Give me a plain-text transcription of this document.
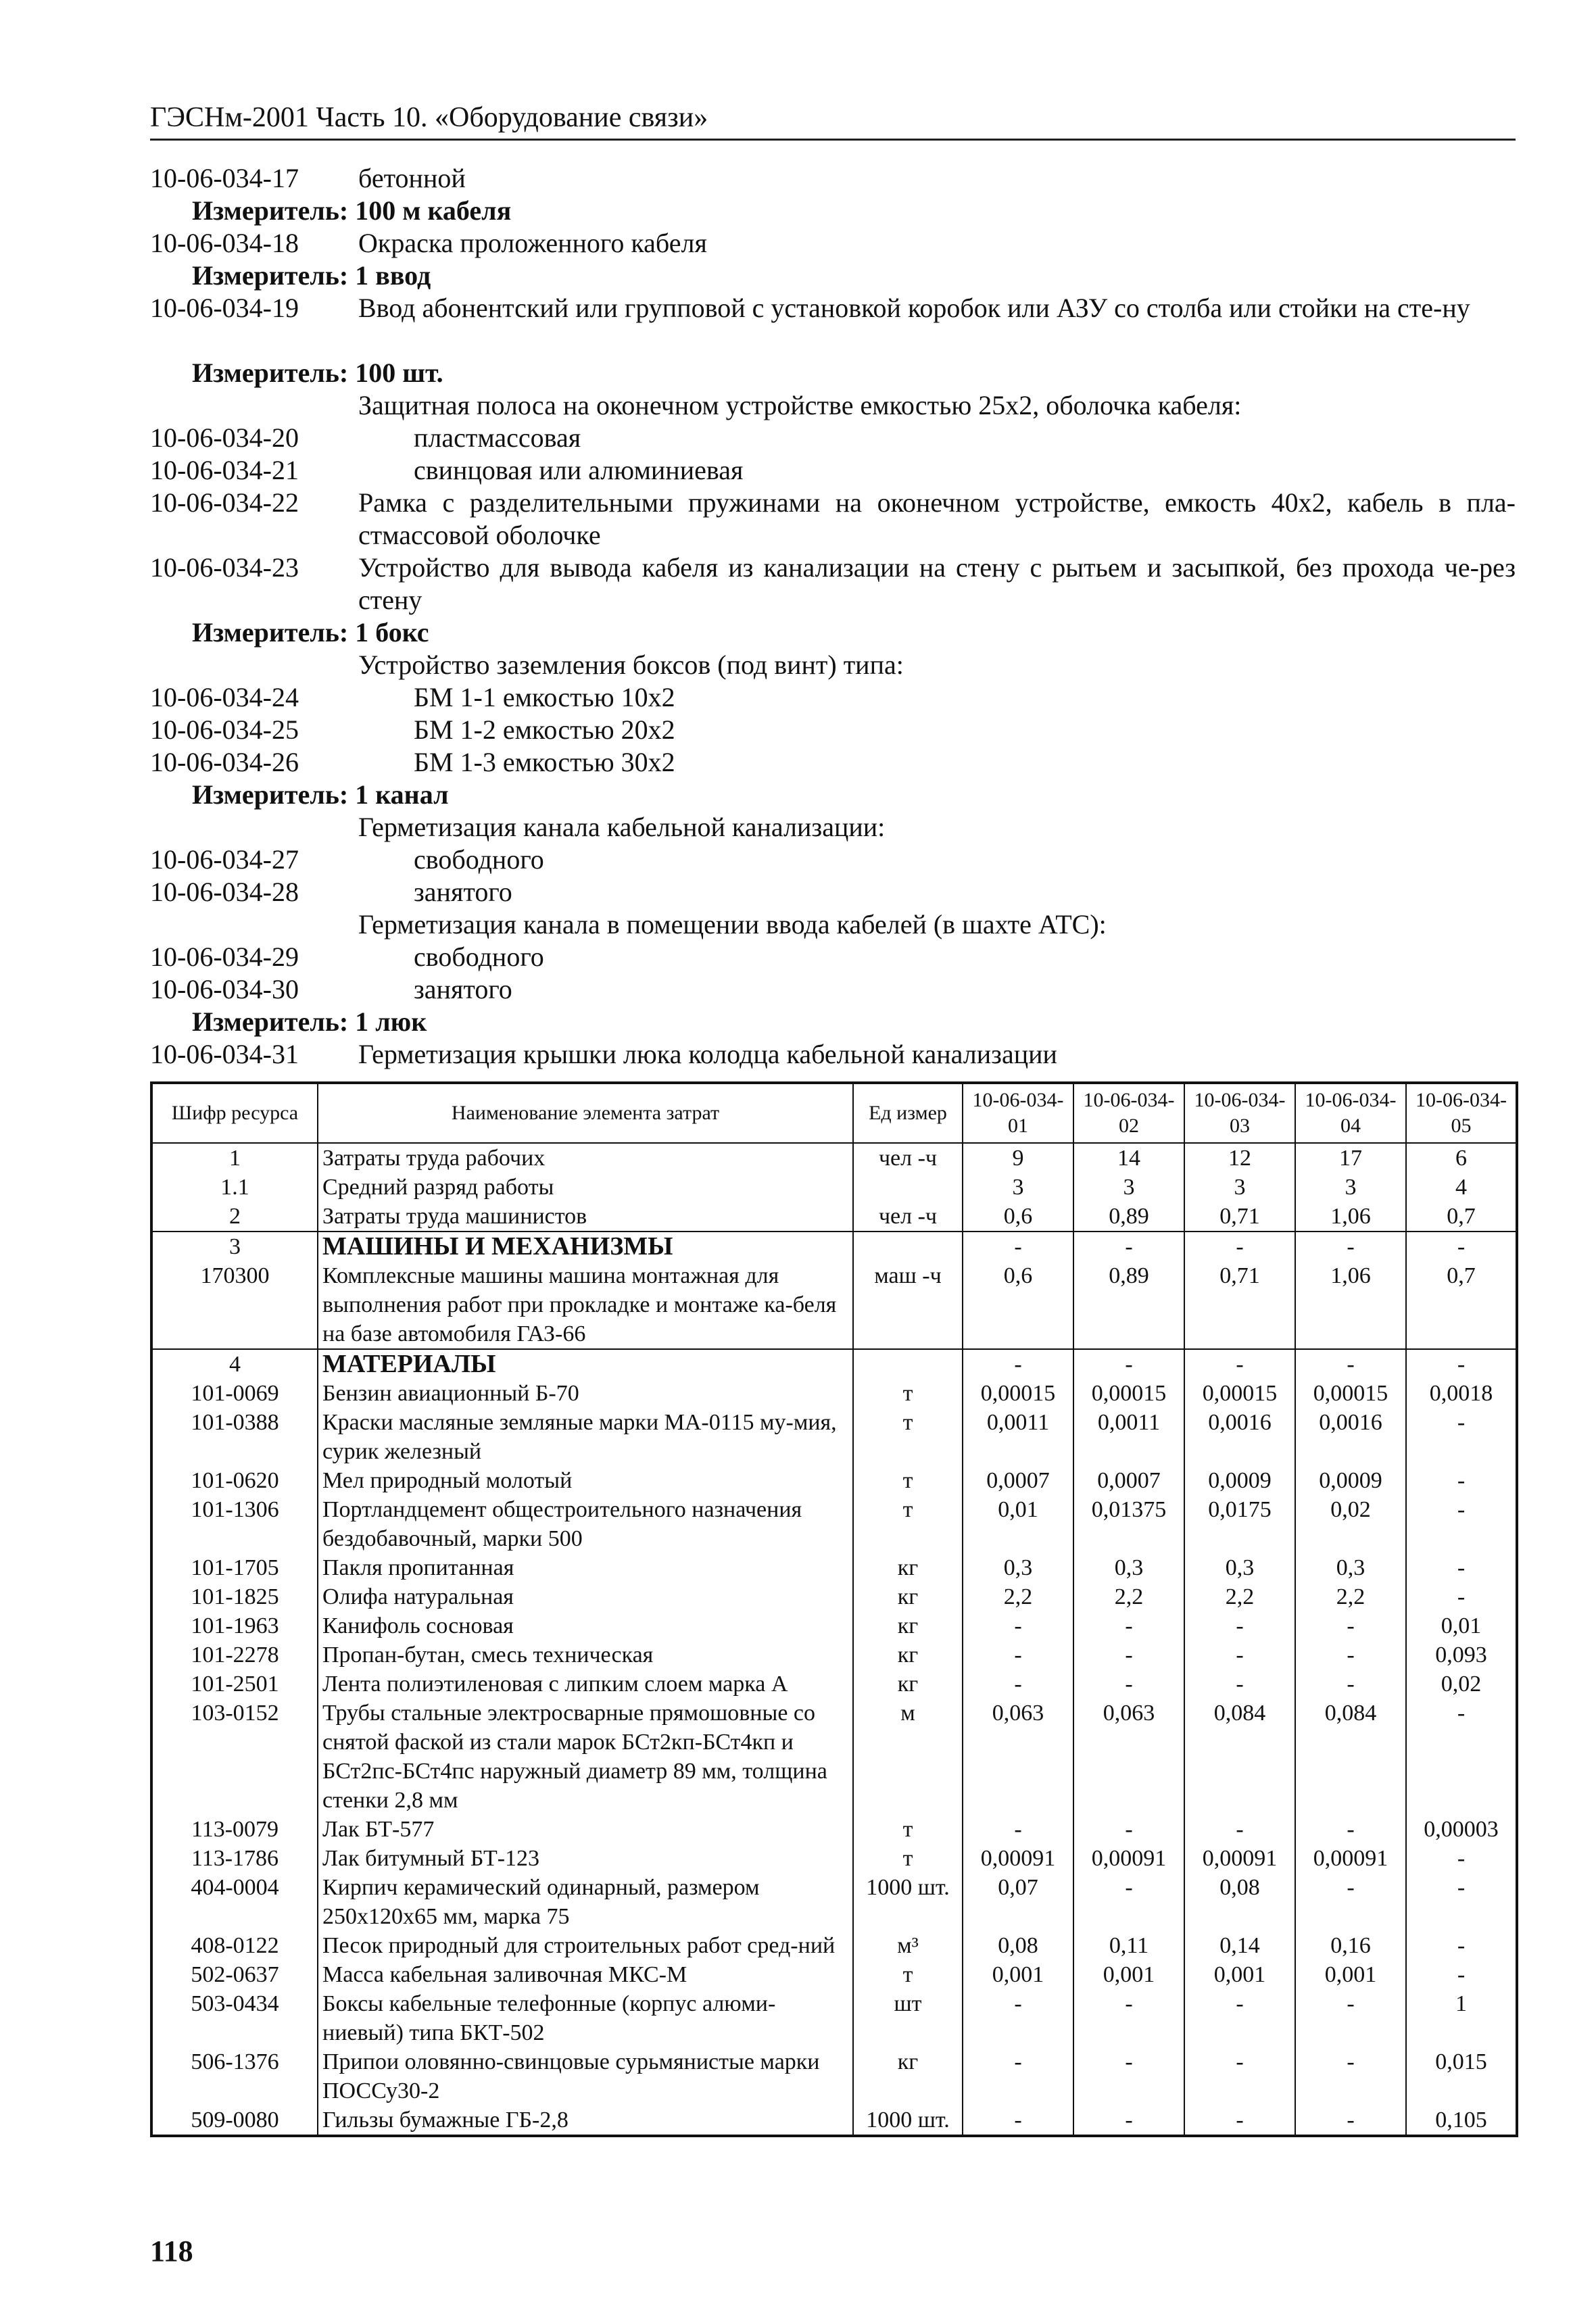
ГЭСНм-2001 Часть 10. «Оборудование связи»
10-06-034-17 бетонной
Измеритель: 100 м кабеля
10-06-034-18 Окраска проложенного кабеля
Измеритель: 1 ввод
10-06-034-19 Ввод абонентский или групповой с установкой коробок или АЗУ со столба или стойки на сте-ну
Измеритель: 100 шт.
Защитная полоса на оконечном устройстве емкостью 25х2, оболочка кабеля:
10-06-034-20	пластмассовая
10-06-034-21	свинцовая или алюминиевая
10-06-034-22 Рамка с разделительными пружинами на оконечном устройстве, емкость 40х2, кабель в пла-стмассовой оболочке
10-06-034-23 Устройство для вывода кабеля из канализации на стену с рытьем и засыпкой, без прохода че-рез стену
Измеритель: 1 бокс
Устройство заземления боксов (под винт) типа:
10-06-034-24	БМ 1-1 емкостью 10х2
10-06-034-25	БМ 1-2 емкостью 20х2
10-06-034-26	БМ 1-3 емкостью 30х2
Измеритель: 1 канал
Герметизация канала кабельной канализации:
10-06-034-27	свободного
10-06-034-28	занятого
Герметизация канала в помещении ввода кабелей (в шахте АТС):
10-06-034-29	свободного
10-06-034-30	занятого
Измеритель: 1 люк
10-06-034-31 Герметизация крышки люка колодца кабельной канализации
Шифр ресурса	Наименование элемента затрат	Ед измер	10-06-034-01	10-06-034-02	10-06-034-03	10-06-034-04	10-06-034-05
1	Затраты труда рабочих	чел -ч	9	14	12	17	6
1.1	Средний разряд работы		3	3	3	3	4
2	Затраты труда машинистов	чел -ч	0,6	0,89	0,71	1,06	0,7
3	МАШИНЫ И МЕХАНИЗМЫ		-	-	-	-	-
170300	Комплексные машины машина монтажная для выполнения работ при прокладке и монтаже ка-беля на базе автомобиля ГАЗ-66	маш -ч	0,6	0,89	0,71	1,06	0,7
4	МАТЕРИАЛЫ		-	-	-	-	-
101-0069	Бензин авиационный Б-70	т	0,00015	0,00015	0,00015	0,00015	0,0018
101-0388	Краски масляные земляные марки МА-0115 му-мия, сурик железный	т	0,0011	0,0011	0,0016	0,0016	-
101-0620	Мел природный молотый	т	0,0007	0,0007	0,0009	0,0009	-
101-1306	Портландцемент общестроительного назначения бездобавочный, марки 500	т	0,01	0,01375	0,0175	0,02	-
101-1705	Пакля пропитанная	кг	0,3	0,3	0,3	0,3	-
101-1825	Олифа натуральная	кг	2,2	2,2	2,2	2,2	-
101-1963	Канифоль сосновая	кг	-	-	-	-	0,01
101-2278	Пропан-бутан, смесь техническая	кг	-	-	-	-	0,093
101-2501	Лента полиэтиленовая с липким слоем марка А	кг	-	-	-	-	0,02
103-0152	Трубы стальные электросварные прямошовные со снятой фаской из стали марок БСт2кп-БСт4кп и БСт2пс-БСт4пс наружный диаметр 89 мм, толщина стенки 2,8 мм	м	0,063	0,063	0,084	0,084	-
113-0079	Лак БТ-577	т	-	-	-	-	0,00003
113-1786	Лак битумный БТ-123	т	0,00091	0,00091	0,00091	0,00091	-
404-0004	Кирпич керамический одинарный, размером 250х120х65 мм, марка 75	1000 шт.	0,07	-	0,08	-	-
408-0122	Песок природный для строительных работ сред-ний	м³	0,08	0,11	0,14	0,16	-
502-0637	Масса кабельная заливочная МКС-М	т	0,001	0,001	0,001	0,001	-
503-0434	Боксы кабельные телефонные (корпус алюми-ниевый) типа БКТ-502	шт	-	-	-	-	1
506-1376	Припои оловянно-свинцовые сурьмянистые марки ПОССу30-2	кг	-	-	-	-	0,015
509-0080	Гильзы бумажные ГБ-2,8	1000 шт.	-	-	-	-	0,105
118
